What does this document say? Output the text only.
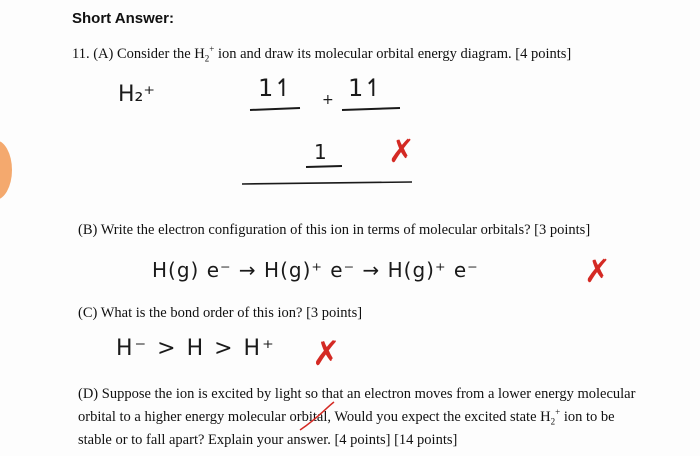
Short Answer:
11. (A) Consider the $H_2^+$ ion and draw its molecular orbital energy diagram. [4 points]
H₂⁺	1↿ + 1↿
1 ✗
(B) Write the electron configuration of this ion in terms of molecular orbitals? [3 points]
H(g) e⁻ → H(g)⁺ e⁻ → H(g)⁺ e⁻	✗
(C) What is the bond order of this ion? [3 points]
H⁻ > H > H⁺ ✗
(D) Suppose the ion is excited by light so that an electron moves from a lower energy molecular
orbital to a higher energy molecular orbital, Would you expect the excited state $H_2^+$ ion to be
stable or to fall apart? Explain your answer. [4 points] [14 points]
